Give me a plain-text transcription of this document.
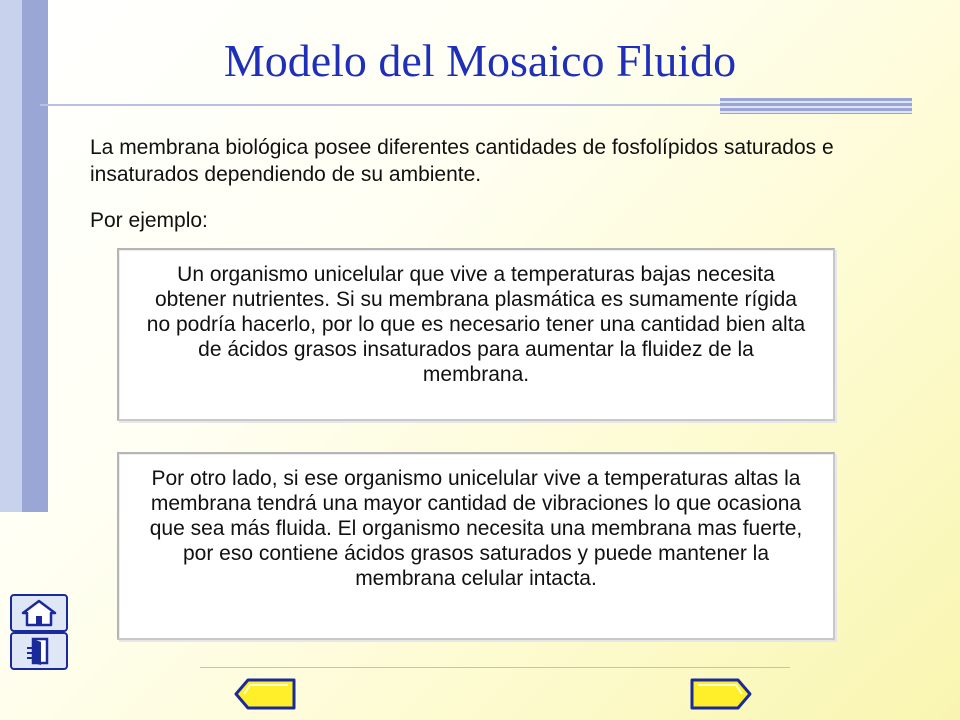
Modelo del Mosaico Fluido

La membrana biológica posee diferentes cantidades de fosfolípidos saturados e insaturados dependiendo de su ambiente.

Por ejemplo:

Un organismo unicelular que vive a temperaturas bajas necesita obtener nutrientes. Si su membrana plasmática es sumamente rígida no podría hacerlo, por lo que es necesario tener una cantidad bien alta de ácidos grasos insaturados para aumentar la fluidez de la membrana.
Por otro lado, si ese organismo unicelular vive a temperaturas altas la membrana tendrá una mayor cantidad de vibraciones lo que ocasiona que sea más fluida. El organismo necesita una membrana mas fuerte, por eso contiene ácidos grasos saturados y puede mantener la membrana celular intacta.
